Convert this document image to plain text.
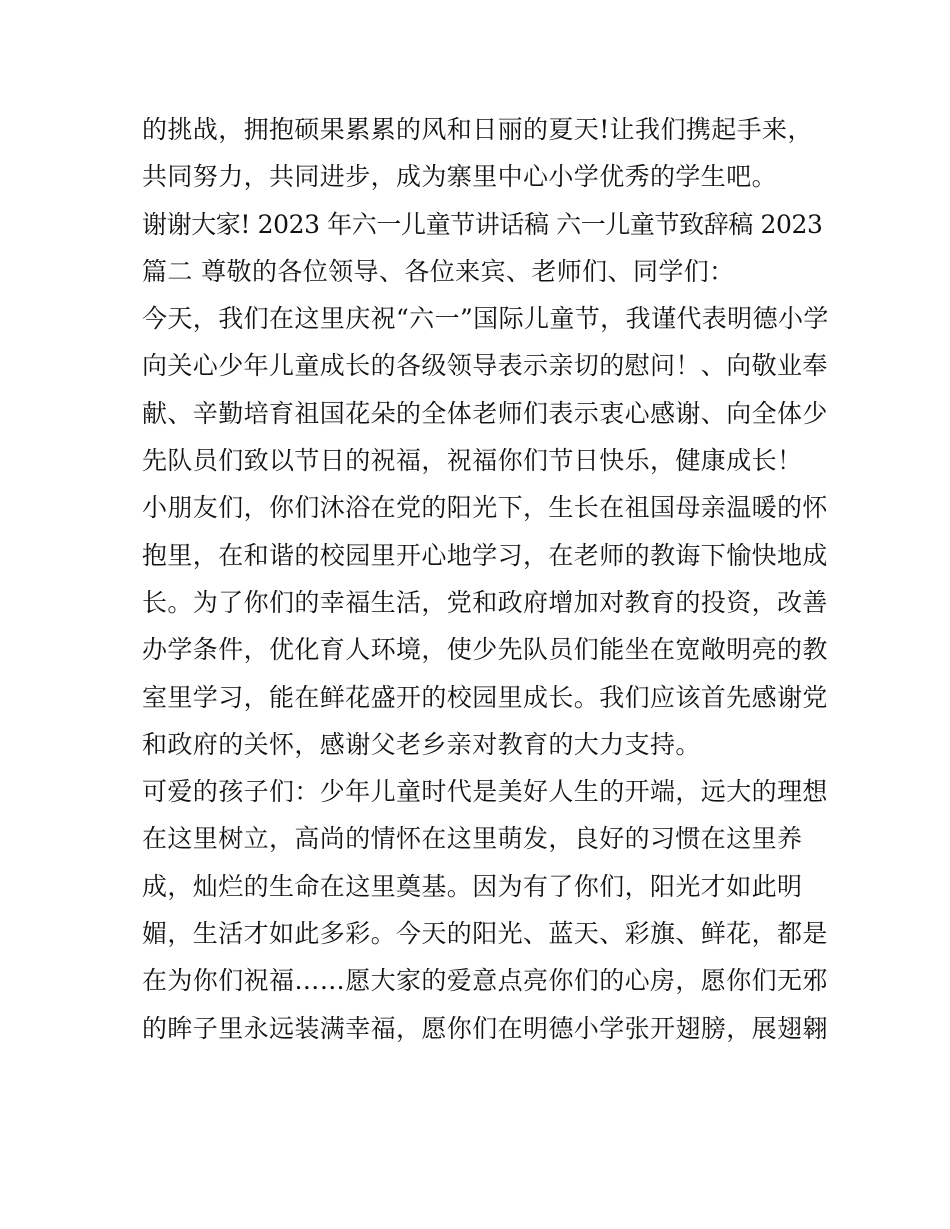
的挑战，拥抱硕果累累的风和日丽的夏天!让我们携起手来，
共同努力，共同进步，成为寨里中心小学优秀的学生吧。
谢谢大家! 2023 年六一儿童节讲话稿 六一儿童节致辞稿 2023
篇二 尊敬的各位领导、各位来宾、老师们、同学们：
今天，我们在这里庆祝“六一”国际儿童节，我谨代表明德小学
向关心少年儿童成长的各级领导表示亲切的慰问！、向敬业奉
献、辛勤培育祖国花朵的全体老师们表示衷心感谢、向全体少
先队员们致以节日的祝福，祝福你们节日快乐，健康成长！
小朋友们，你们沐浴在党的阳光下，生长在祖国母亲温暖的怀
抱里，在和谐的校园里开心地学习，在老师的教诲下愉快地成
长。为了你们的幸福生活，党和政府增加对教育的投资，改善
办学条件，优化育人环境，使少先队员们能坐在宽敞明亮的教
室里学习，能在鲜花盛开的校园里成长。我们应该首先感谢党
和政府的关怀，感谢父老乡亲对教育的大力支持。
可爱的孩子们：少年儿童时代是美好人生的开端，远大的理想
在这里树立，高尚的情怀在这里萌发，良好的习惯在这里养
成，灿烂的生命在这里奠基。因为有了你们，阳光才如此明
媚，生活才如此多彩。今天的阳光、蓝天、彩旗、鲜花，都是
在为你们祝福……愿大家的爱意点亮你们的心房，愿你们无邪
的眸子里永远装满幸福，愿你们在明德小学张开翅膀，展翅翱
